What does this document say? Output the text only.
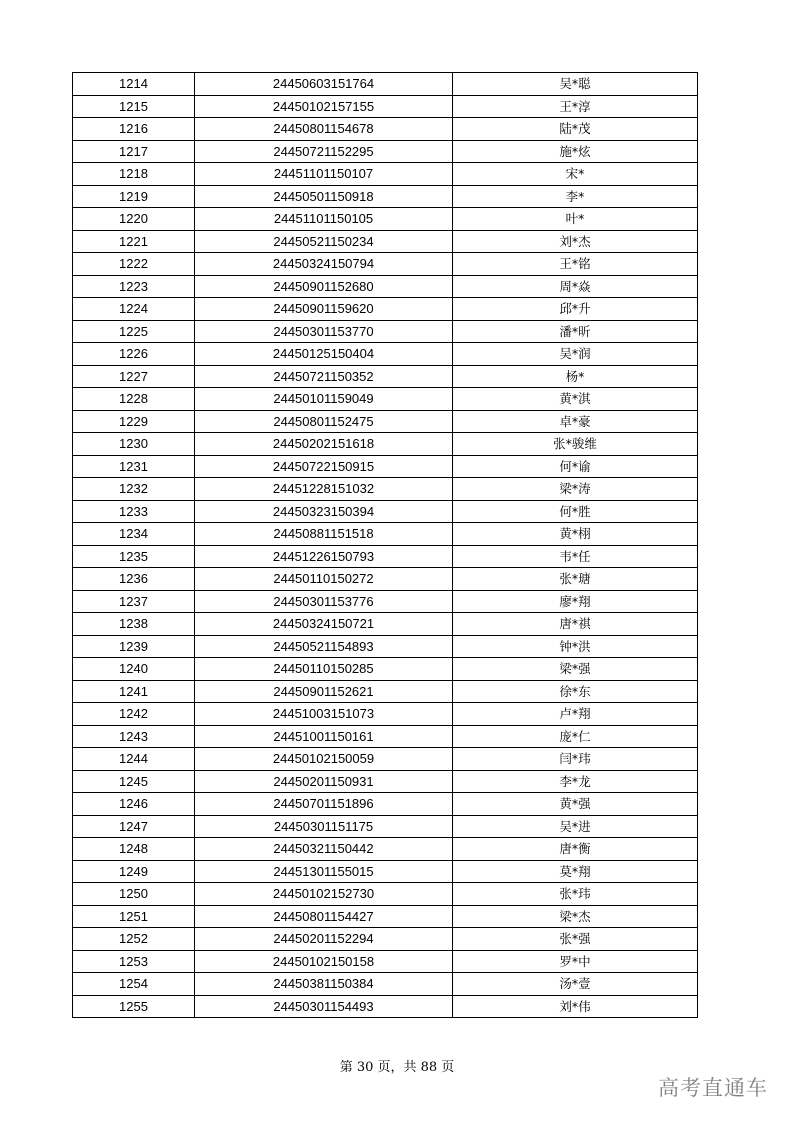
1214	24450603151764	吴*聪
1215	24450102157155	王*淳
1216	24450801154678	陆*茂
1217	24450721152295	施*炫
1218	24451101150107	宋*
1219	24450501150918	李*
1220	24451101150105	叶*
1221	24450521150234	刘*杰
1222	24450324150794	王*铭
1223	24450901152680	周*焱
1224	24450901159620	邱*升
1225	24450301153770	潘*昕
1226	24450125150404	吴*润
1227	24450721150352	杨*
1228	24450101159049	黄*淇
1229	24450801152475	卓*豪
1230	24450202151618	张*骏维
1231	24450722150915	何*谕
1232	24451228151032	梁*涛
1233	24450323150394	何*胜
1234	24450881151518	黄*栩
1235	24451226150793	韦*任
1236	24450110150272	张*瑭
1237	24450301153776	廖*翔
1238	24450324150721	唐*祺
1239	24450521154893	钟*洪
1240	24450110150285	梁*强
1241	24450901152621	徐*东
1242	24451003151073	卢*翔
1243	24451001150161	庞*仁
1244	24450102150059	闫*玮
1245	24450201150931	李*龙
1246	24450701151896	黄*强
1247	24450301151175	吴*进
1248	24450321150442	唐*衡
1249	24451301155015	莫*翔
1250	24450102152730	张*玮
1251	24450801154427	梁*杰
1252	24450201152294	张*强
1253	24450102150158	罗*中
1254	24450381150384	汤*壹
1255	24450301154493	刘*伟
第 30 页，共 88 页
高考直通车
